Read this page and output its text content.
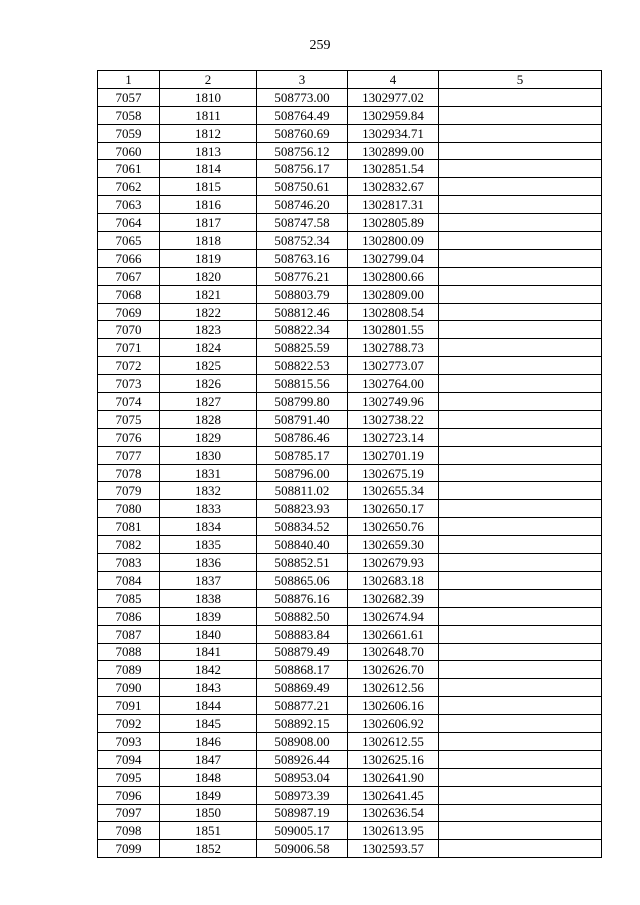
259
1	2	3	4	5
7057	1810	508773.00	1302977.02	
7058	1811	508764.49	1302959.84	
7059	1812	508760.69	1302934.71	
7060	1813	508756.12	1302899.00	
7061	1814	508756.17	1302851.54	
7062	1815	508750.61	1302832.67	
7063	1816	508746.20	1302817.31	
7064	1817	508747.58	1302805.89	
7065	1818	508752.34	1302800.09	
7066	1819	508763.16	1302799.04	
7067	1820	508776.21	1302800.66	
7068	1821	508803.79	1302809.00	
7069	1822	508812.46	1302808.54	
7070	1823	508822.34	1302801.55	
7071	1824	508825.59	1302788.73	
7072	1825	508822.53	1302773.07	
7073	1826	508815.56	1302764.00	
7074	1827	508799.80	1302749.96	
7075	1828	508791.40	1302738.22	
7076	1829	508786.46	1302723.14	
7077	1830	508785.17	1302701.19	
7078	1831	508796.00	1302675.19	
7079	1832	508811.02	1302655.34	
7080	1833	508823.93	1302650.17	
7081	1834	508834.52	1302650.76	
7082	1835	508840.40	1302659.30	
7083	1836	508852.51	1302679.93	
7084	1837	508865.06	1302683.18	
7085	1838	508876.16	1302682.39	
7086	1839	508882.50	1302674.94	
7087	1840	508883.84	1302661.61	
7088	1841	508879.49	1302648.70	
7089	1842	508868.17	1302626.70	
7090	1843	508869.49	1302612.56	
7091	1844	508877.21	1302606.16	
7092	1845	508892.15	1302606.92	
7093	1846	508908.00	1302612.55	
7094	1847	508926.44	1302625.16	
7095	1848	508953.04	1302641.90	
7096	1849	508973.39	1302641.45	
7097	1850	508987.19	1302636.54	
7098	1851	509005.17	1302613.95	
7099	1852	509006.58	1302593.57	
